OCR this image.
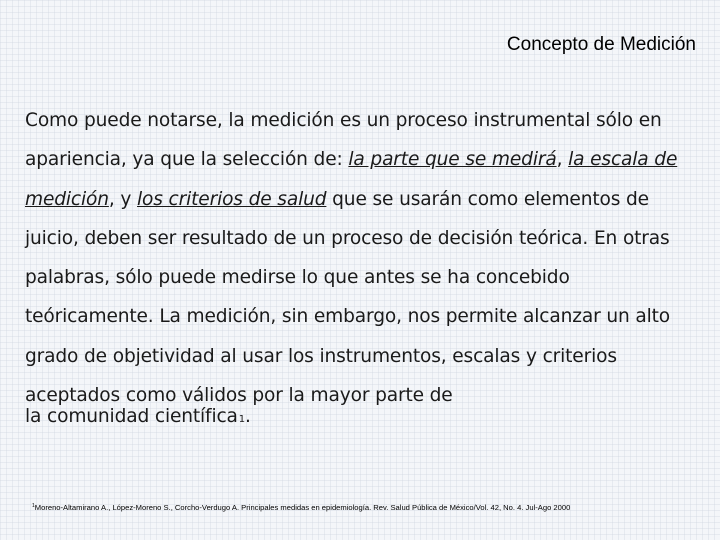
Concepto de Medición
Como puede notarse, la medición es un proceso instrumental sólo en apariencia, ya que la selección de: la parte que se medirá, la escala de medición, y los criterios de salud que se usarán como elementos de juicio, deben ser resultado de un proceso de decisión teórica. En otras palabras, sólo puede medirse lo que antes se ha concebido teóricamente. La medición, sin embargo, nos permite alcanzar un alto grado de objetividad al usar los instrumentos, escalas y criterios aceptados como válidos por la mayor parte de
la comunidad científica1.
$^1$Moreno-Altamirano A., López-Moreno S., Corcho-Verdugo A. Principales medidas en epidemiología. Rev. Salud Pública de México/Vol. 42, No. 4. Jul-Ago 2000
